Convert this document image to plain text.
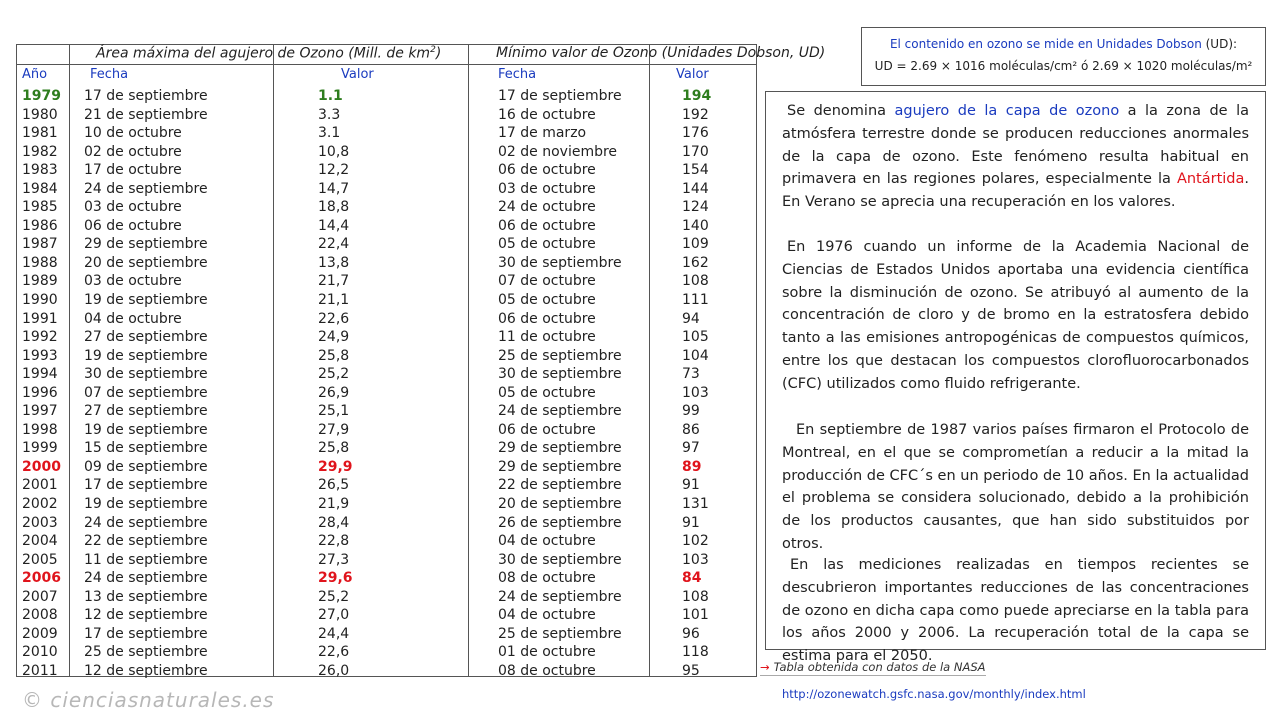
Área máxima del agujero de Ozono (Mill. de $km^2$)	Mínimo valor de Ozono (Unidades Dobson, UD)
Año	Fecha	Valor	Fecha	Valor
1979 17 de septiembre	1.1	17 de septiembre	194
1980 21 de septiembre	3.3	16 de octubre	192
1981 10 de octubre	3.1	17 de marzo	176
1982 02 de octubre	10,8	02 de noviembre	170
1983 17 de octubre	12,2	06 de octubre	154
1984 24 de septiembre	14,7	03 de octubre	144
1985 03 de octubre	18,8	24 de octubre	124
1986 06 de octubre	14,4	06 de octubre	140
1987 29 de septiembre	22,4	05 de octubre	109
1988 20 de septiembre	13,8	30 de septiembre	162
1989 03 de octubre	21,7	07 de octubre	108
1990 19 de septiembre	21,1	05 de octubre	111
1991 04 de octubre	22,6	06 de octubre	94
1992 27 de septiembre	24,9	11 de octubre	105
1993 19 de septiembre	25,8	25 de septiembre	104
1994 30 de septiembre	25,2	30 de septiembre	73
1996 07 de septiembre	26,9	05 de octubre	103
1997 27 de septiembre	25,1	24 de septiembre	99
1998 19 de septiembre	27,9	06 de octubre	86
1999 15 de septiembre	25,8	29 de septiembre	97
2000 09 de septiembre	29,9	29 de septiembre	89
2001 17 de septiembre	26,5	22 de septiembre	91
2002 19 de septiembre	21,9	20 de septiembre	131
2003 24 de septiembre	28,4	26 de septiembre	91
2004 22 de septiembre	22,8	04 de octubre	102
2005 11 de septiembre	27,3	30 de septiembre	103
2006 24 de septiembre	29,6	08 de octubre	84
2007 13 de septiembre	25,2	24 de septiembre	108
2008 12 de septiembre	27,0	04 de octubre	101
2009 17 de septiembre	24,4	25 de septiembre	96
2010 25 de septiembre	22,6	01 de octubre	118
2011 12 de septiembre	26,0	08 de octubre	95
El contenido en ozono se mide en Unidades Dobson (UD):
UD = 2.69 × 1016 moléculas/cm² ó 2.69 × 1020 moléculas/m²

Se denomina agujero de la capa de ozono a la zona de la atmósfera terrestre donde se producen reducciones anormales de la capa de ozono. Este fenómeno resulta habitual en primavera en las regiones polares, especialmente la Antártida. En Verano se aprecia una recuperación en los valores.

En 1976 cuando un informe de la Academia Nacional de Ciencias de Estados Unidos aportaba una evidencia científica sobre la disminución de ozono. Se atribuyó al aumento de la concentración de cloro y de bromo en la estratosfera debido tanto a las emisiones antropogénicas de compuestos químicos, entre los que destacan los compuestos clorofluorocarbonados (CFC) utilizados como fluido refrigerante.

En septiembre de 1987 varios países firmaron el Protocolo de Montreal, en el que se comprometían a reducir a la mitad la producción de CFC´s en un periodo de 10 años. En la actualidad el problema se considera solucionado, debido a la prohibición de los productos causantes, que han sido substituidos por otros.

En las mediciones realizadas en tiempos recientes se descubrieron importantes reducciones de las concentraciones de ozono en dicha capa como puede apreciarse en la tabla para los años 2000 y 2006. La recuperación total de la capa se estima para el 2050.

→ Tabla obtenida con datos de la NASA
http://ozonewatch.gsfc.nasa.gov/monthly/index.html
© cienciasnaturales.es
